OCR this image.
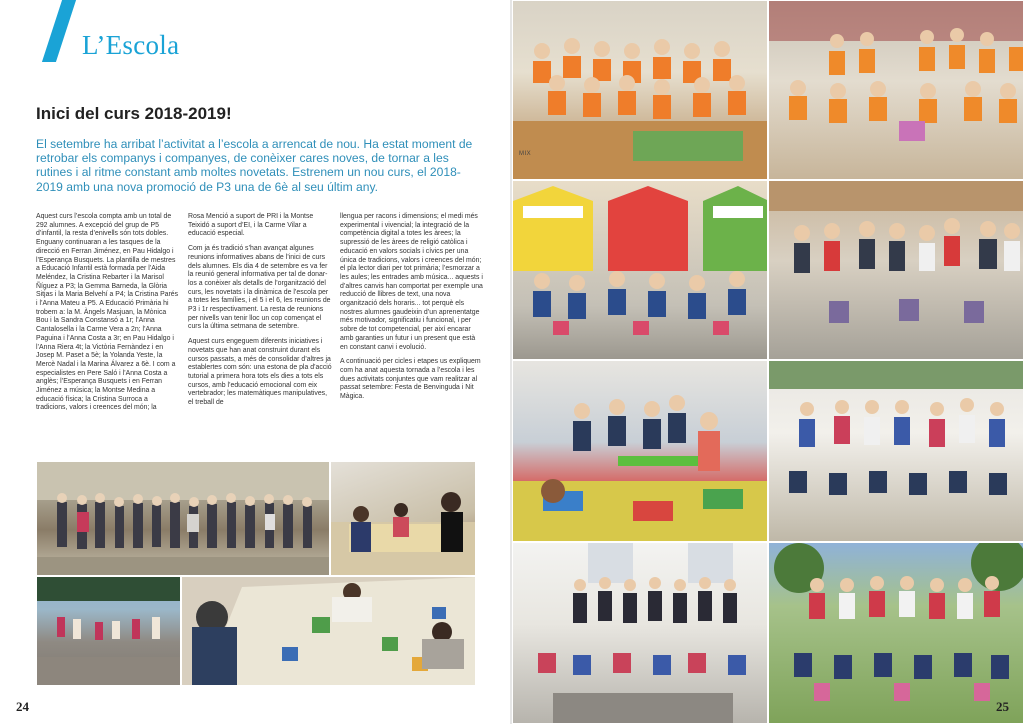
L’Escola
Inici del curs 2018-2019!
El setembre ha arribat l’activitat a l’escola a arrencat de nou. Ha estat moment de retrobar els companys i companyes, de conèixer cares noves, de tornar a les rutines i al ritme constant amb moltes novetats. Estrenem un nou curs, el 2018-2019 amb una nova promoció de P3 una de 6è al seu últim any.

Aquest curs l’escola compta amb un total de 292 alumnes. A excepció del grup de P5 d’infantil, la resta d’enivells són tots dobles. Enguany continuaran a les tasques de la direcció en Ferran Jiménez, en Pau Hidalgo i l’Esperança Busquets. La plantilla de mestres a Educació Infantil està formada per l’Aida Meléndez, la Cristina Rebarter i la Marisol Ñíguez a P3; la Gemma Barneda, la Glòria Sitjas i la Maria Belvehí a P4; la Cristina Parés i l’Anna Mateu a P5. A Educació Primària hi trobem a: la M. Àngels Masjuan, la Mònica Bou i la Sandra Constansó a 1r; l’Anna Cantalosella i la Carme Vera a 2n; l’Anna Paguina i l’Anna Costa a 3r; en Pau Hidalgo i l’Anna Riera 4t; la Victòria Fernàndez i en Josep M. Paset a 5è; la Yolanda Yeste, la Mercè Nadal i la Marina Álvarez a 6è. I com a especialistes en Pere Saló i l’Anna Costa a anglès; l’Esperança Busquets i en Ferran Jiménez a música; la Montse Medina a educació física; la Cristina Surroca a tradicions, valors i creences del món; la

Rosa Menció a suport de PRI i la Montse Teixidó a suport d’EI, i la Carme Vilar a educació especial.

Com ja és tradició s’han avançat algunes reunions informatives abans de l’inici de curs dels alumnes. Els dia 4 de setembre es va fer la reunió general informativa per tal de donar-los a conèixer als detalls de l’organització del curs, les novetats i la dinàmica de l’escola per a totes les famílies, i el 5 i el 6, les reunions de P3 i 1r respectivament. La resta de reunions per nivells van tenir lloc un cop començat el curs la última setmana de setembre.

Aquest curs engeguem diferents iniciatives i novetats que han anat construint durant els cursos passats, a més de consolidar d’altres ja establertes com són: una estona de pla d’acció tutorial a primera hora tots els dies a tots els cursos, amb l’educació emocional com eix vertebrador; les matemàtiques manipulatives, el treball de

llengua per racons i dimensions; el medi més experimental i vivencial; la integració de la competència digital a totes les àrees; la supressió de les àrees de religió catòlica i educació en valors socials i cívics per una única de tradicions, valors i creences del món; el pla lector diari per tot primària; l’esmorzar a les aules; les entrades amb música... aquests i d’altres canvis han comportat per exemple una reducció de llibres de text, una nova organització dels horaris... tot perquè els nostres alumnes gaudeixin d’un aprenentatge més motivador, significatiu i funcional, i per sobre de tot competencial, per així encarar amb garanties un futur i un present que està en constant canvi i evolució.

A continuació per cicles i etapes us expliquem com ha anat aquesta tornada a l’escola i les dues activitats conjuntes que vam realitzar al passat setembre: Festa de Benvinguda i Nit Màgica.

24
MIX
25
